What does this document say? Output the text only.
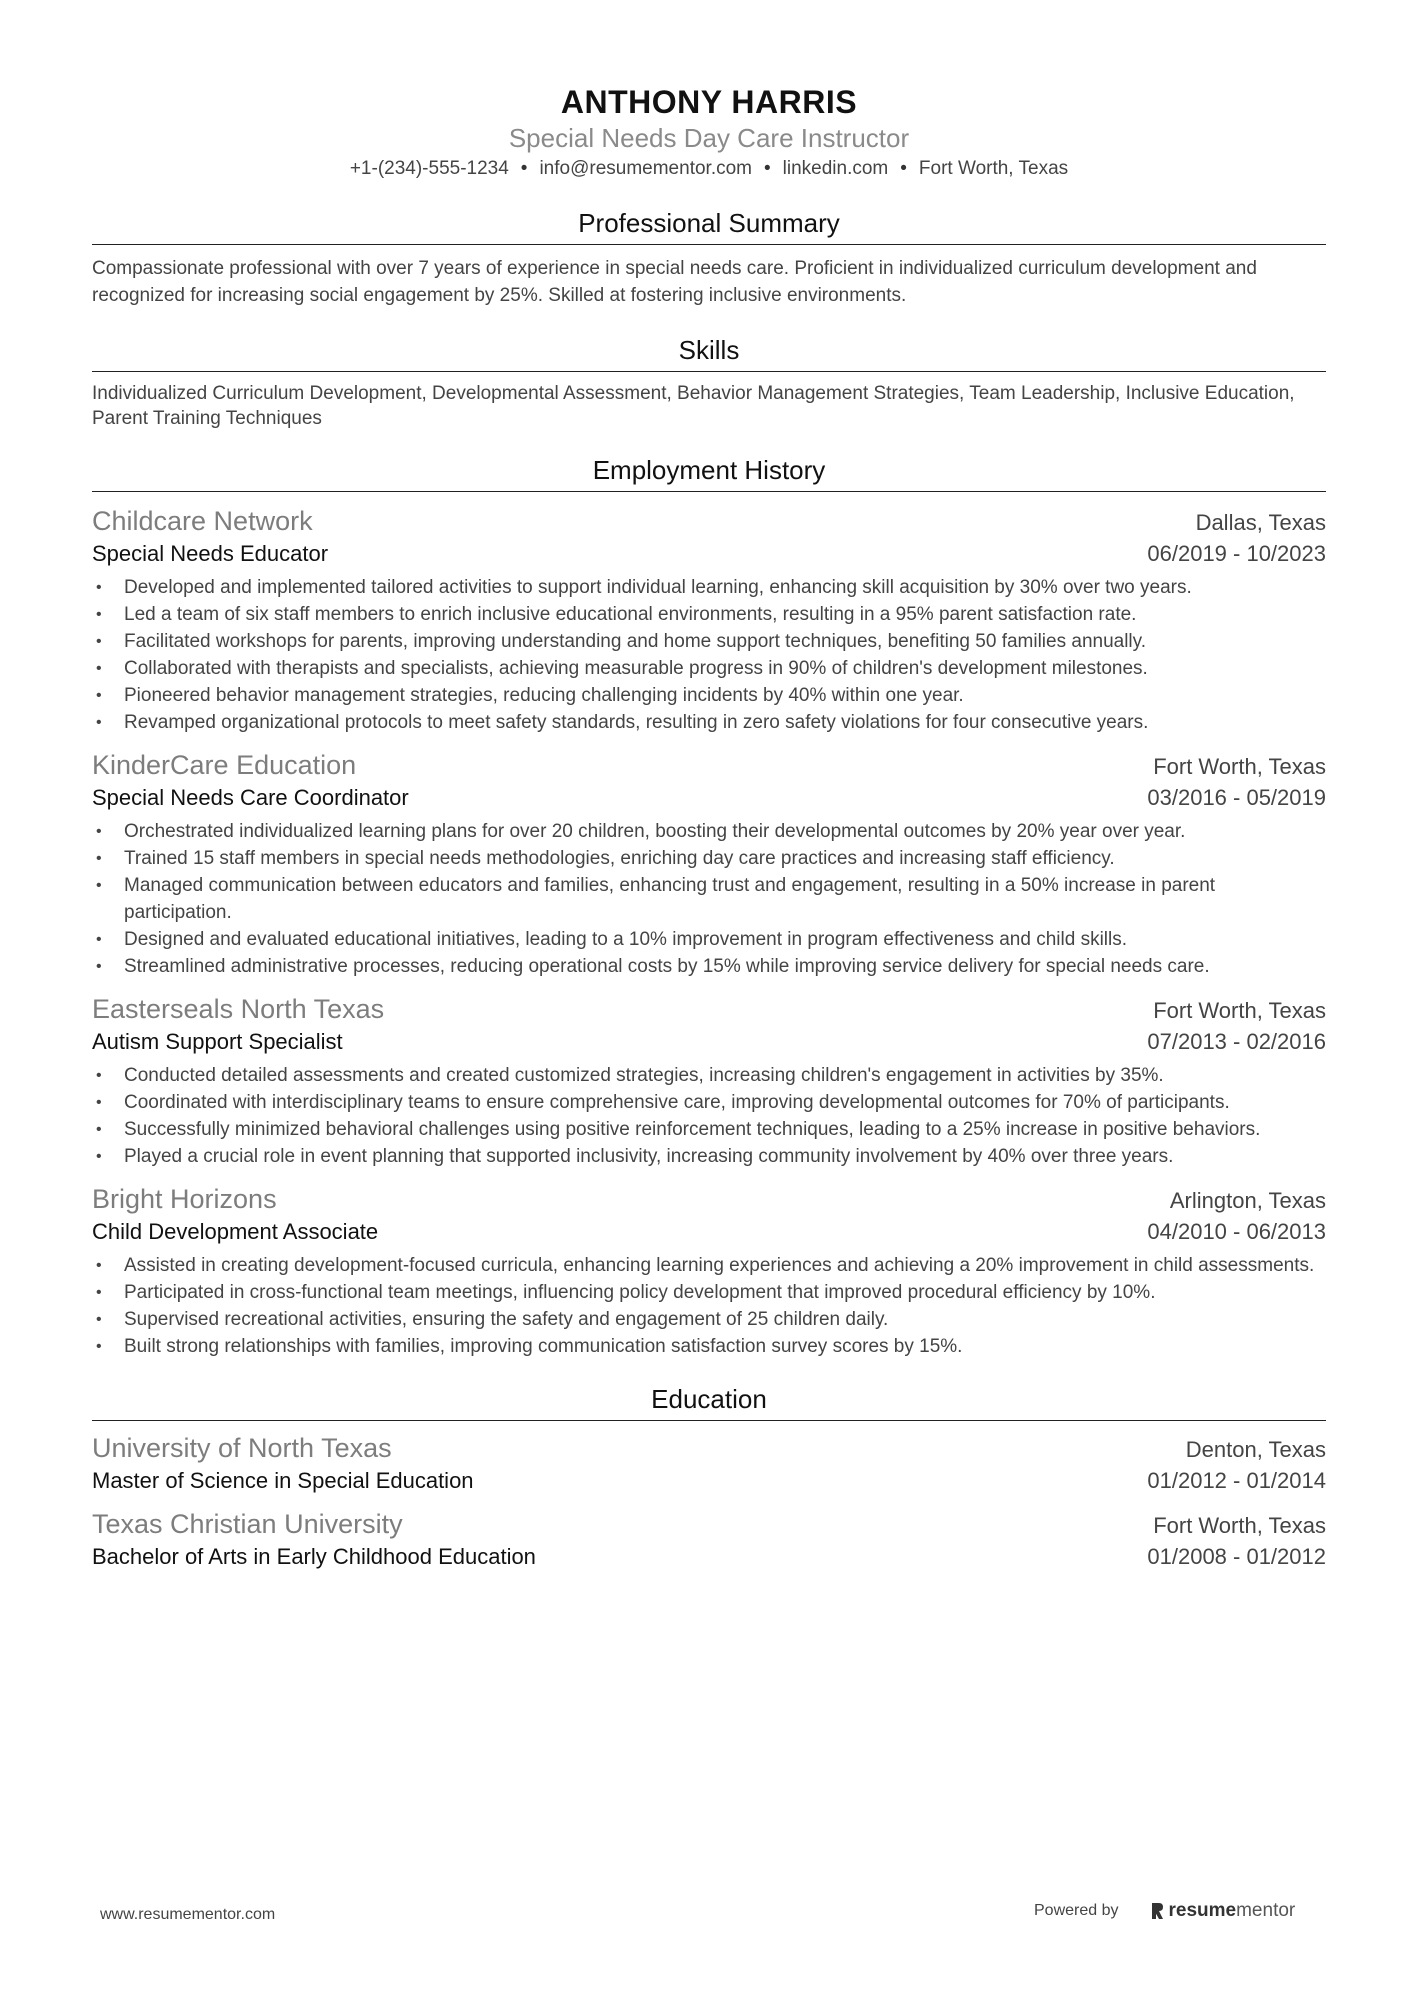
ANTHONY HARRIS
Special Needs Day Care Instructor
+1-(234)-555-1234 • info@resumementor.com • linkedin.com • Fort Worth, Texas
Professional Summary
Compassionate professional with over 7 years of experience in special needs care. Proficient in individualized curriculum development and recognized for increasing social engagement by 25%. Skilled at fostering inclusive environments.
Skills
Individualized Curriculum Development, Developmental Assessment, Behavior Management Strategies, Team Leadership, Inclusive Education, Parent Training Techniques
Employment History
Childcare Network	Dallas, Texas
Special Needs Educator	06/2019 - 10/2023
• Developed and implemented tailored activities to support individual learning, enhancing skill acquisition by 30% over two years.
• Led a team of six staff members to enrich inclusive educational environments, resulting in a 95% parent satisfaction rate.
• Facilitated workshops for parents, improving understanding and home support techniques, benefiting 50 families annually.
• Collaborated with therapists and specialists, achieving measurable progress in 90% of children's development milestones.
• Pioneered behavior management strategies, reducing challenging incidents by 40% within one year.
• Revamped organizational protocols to meet safety standards, resulting in zero safety violations for four consecutive years.
KinderCare Education	Fort Worth, Texas
Special Needs Care Coordinator	03/2016 - 05/2019
• Orchestrated individualized learning plans for over 20 children, boosting their developmental outcomes by 20% year over year.
• Trained 15 staff members in special needs methodologies, enriching day care practices and increasing staff efficiency.
• Managed communication between educators and families, enhancing trust and engagement, resulting in a 50% increase in parent participation.
• Designed and evaluated educational initiatives, leading to a 10% improvement in program effectiveness and child skills.
• Streamlined administrative processes, reducing operational costs by 15% while improving service delivery for special needs care.
Easterseals North Texas	Fort Worth, Texas
Autism Support Specialist	07/2013 - 02/2016
• Conducted detailed assessments and created customized strategies, increasing children's engagement in activities by 35%.
• Coordinated with interdisciplinary teams to ensure comprehensive care, improving developmental outcomes for 70% of participants.
• Successfully minimized behavioral challenges using positive reinforcement techniques, leading to a 25% increase in positive behaviors.
• Played a crucial role in event planning that supported inclusivity, increasing community involvement by 40% over three years.
Bright Horizons	Arlington, Texas
Child Development Associate	04/2010 - 06/2013
• Assisted in creating development-focused curricula, enhancing learning experiences and achieving a 20% improvement in child assessments.
• Participated in cross-functional team meetings, influencing policy development that improved procedural efficiency by 10%.
• Supervised recreational activities, ensuring the safety and engagement of 25 children daily.
• Built strong relationships with families, improving communication satisfaction survey scores by 15%.
Education
University of North Texas	Denton, Texas
Master of Science in Special Education	01/2012 - 01/2014
Texas Christian University	Fort Worth, Texas
Bachelor of Arts in Early Childhood Education	01/2008 - 01/2012
www.resumementor.com	Powered by	resume mentor
